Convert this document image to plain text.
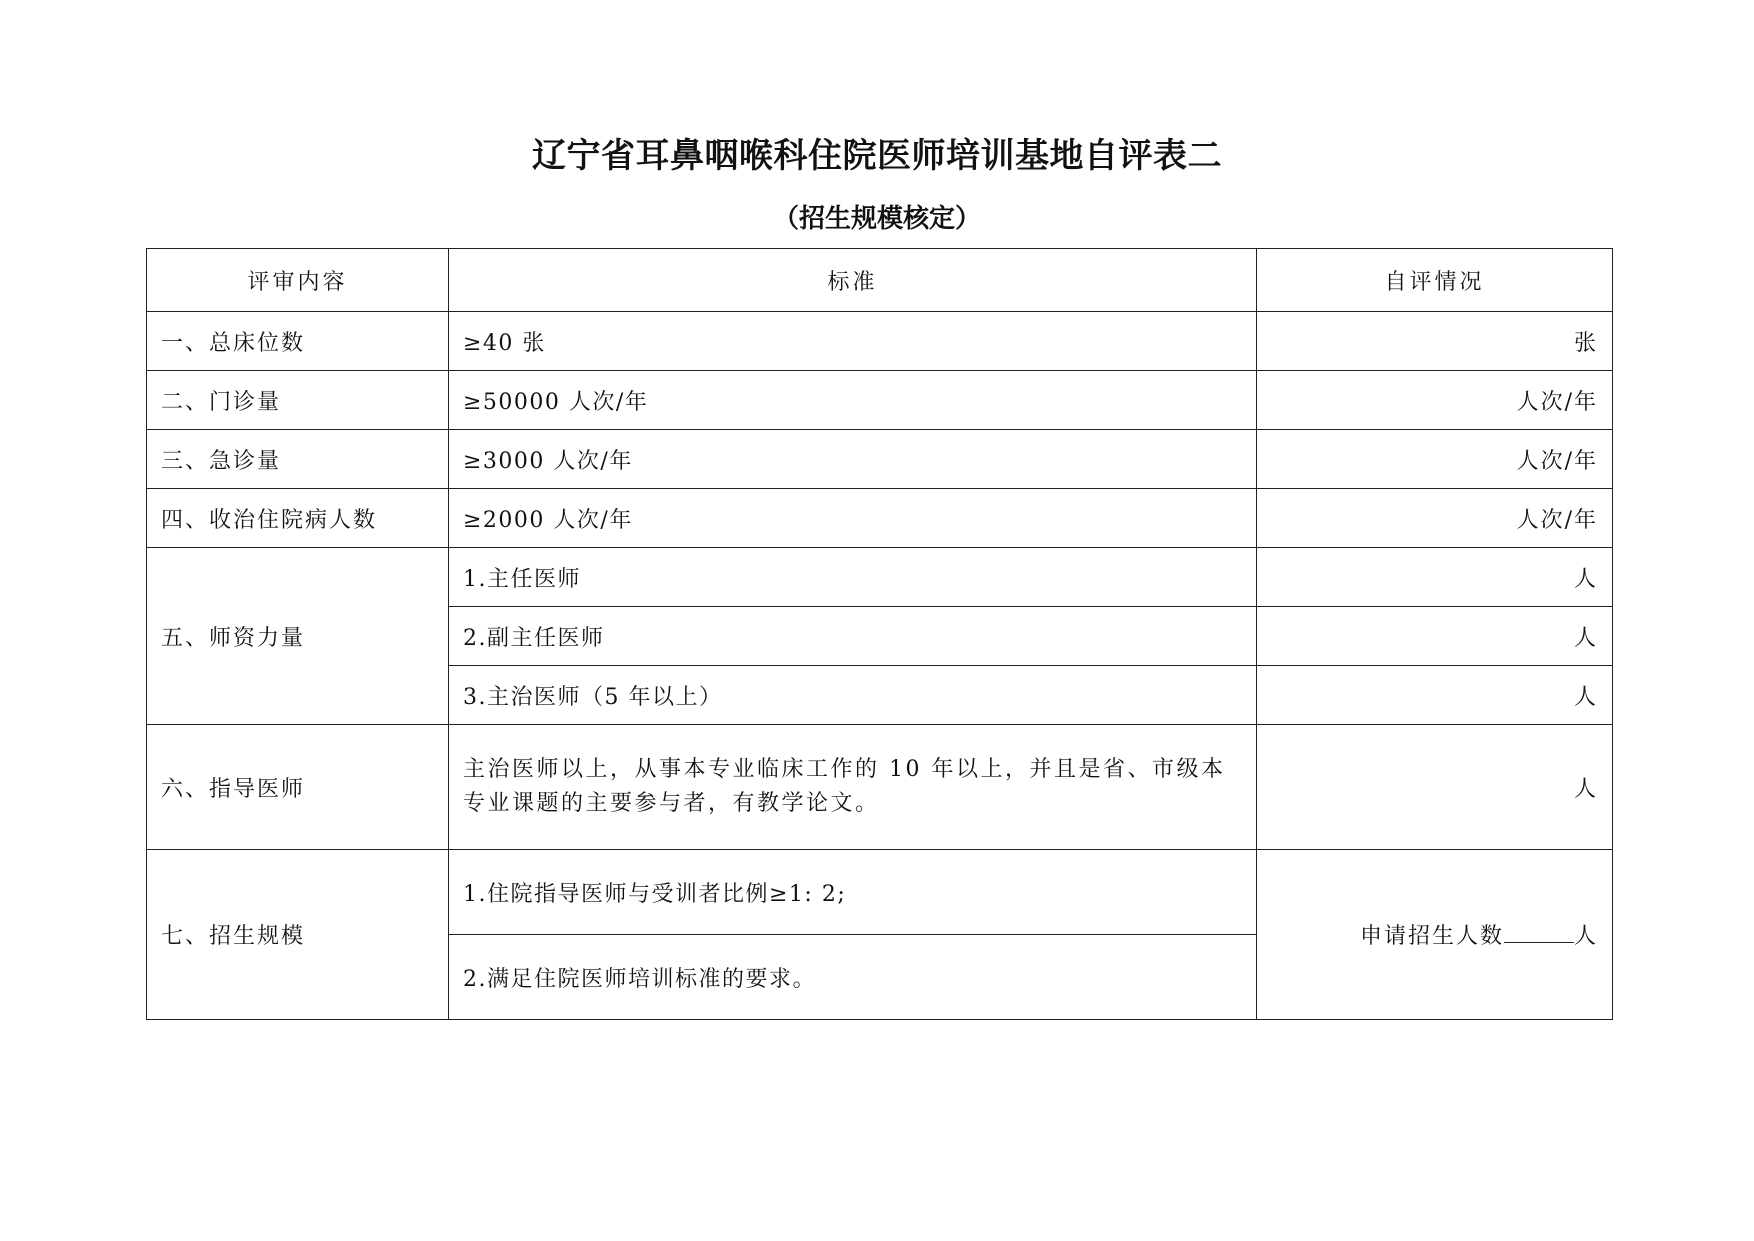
辽宁省耳鼻咽喉科住院医师培训基地自评表二
（招生规模核定）
评审内容	标准	自评情况
一、总床位数	≥40 张	张
二、门诊量	≥50000 人次/年	人次/年
三、急诊量	≥3000 人次/年	人次/年
四、收治住院病人数	≥2000 人次/年	人次/年
五、师资力量	1.主任医师	人
	2.副主任医师	人
	3.主治医师（5 年以上）	人
六、指导医师	主治医师以上，从事本专业临床工作的 10 年以上，并且是省、市级本专业课题的主要参与者，有教学论文。	人
七、招生规模	1.住院指导医师与受训者比例≥1: 2;	申请招生人数 人
	2.满足住院医师培训标准的要求。	
